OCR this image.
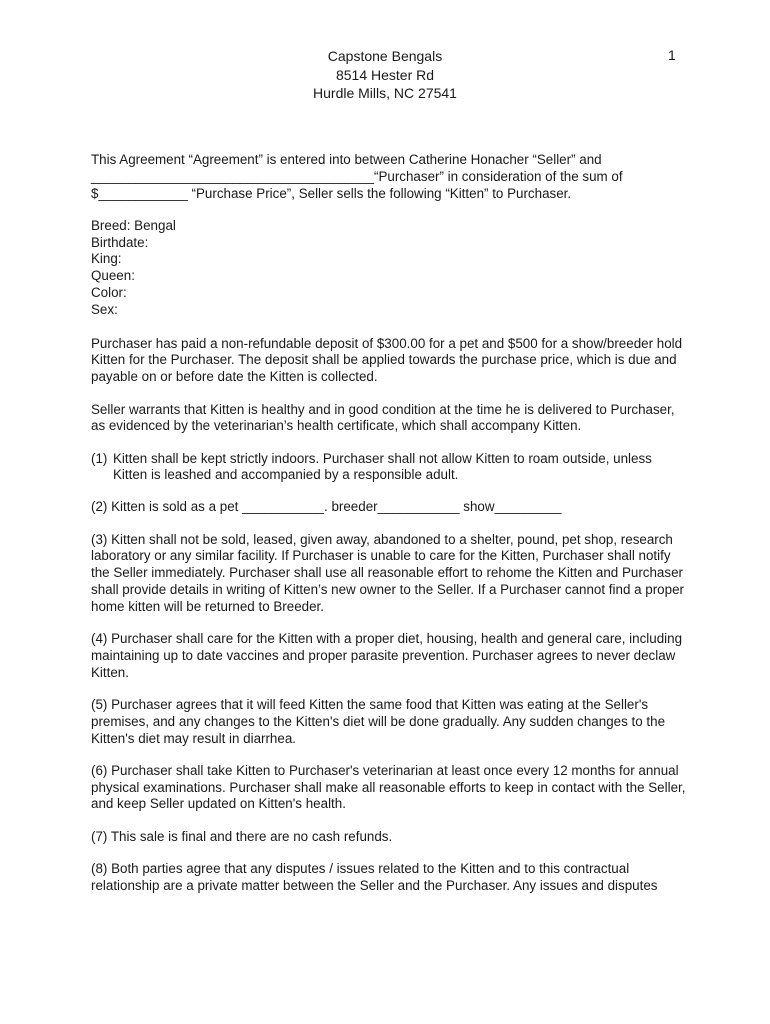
1
Capstone Bengals
8514 Hester Rd
Hurdle Mills, NC 27541

This Agreement “Agreement” is entered into between Catherine Honacher “Seller” and
______________________________________“Purchaser” in consideration of the sum of
$____________ “Purchase Price”, Seller sells the following “Kitten” to Purchaser.

Breed: Bengal
Birthdate:
King:
Queen:
Color:
Sex:

Purchaser has paid a non-refundable deposit of $300.00 for a pet and $500 for a show/breeder hold Kitten for the Purchaser. The deposit shall be applied towards the purchase price, which is due and payable on or before date the Kitten is collected.

Seller warrants that Kitten is healthy and in good condition at the time he is delivered to Purchaser, as evidenced by the veterinarian’s health certificate, which shall accompany Kitten.

(1) Kitten shall be kept strictly indoors. Purchaser shall not allow Kitten to roam outside, unless Kitten is leashed and accompanied by a responsible adult.

(2) Kitten is sold as a pet ___________. breeder___________ show_________

(3) Kitten shall not be sold, leased, given away, abandoned to a shelter, pound, pet shop, research laboratory or any similar facility. If Purchaser is unable to care for the Kitten, Purchaser shall notify the Seller immediately. Purchaser shall use all reasonable effort to rehome the Kitten and Purchaser shall provide details in writing of Kitten’s new owner to the Seller. If a Purchaser cannot find a proper home kitten will be returned to Breeder.

(4) Purchaser shall care for the Kitten with a proper diet, housing, health and general care, including maintaining up to date vaccines and proper parasite prevention. Purchaser agrees to never declaw Kitten.

(5) Purchaser agrees that it will feed Kitten the same food that Kitten was eating at the Seller's premises, and any changes to the Kitten's diet will be done gradually. Any sudden changes to the Kitten's diet may result in diarrhea.

(6) Purchaser shall take Kitten to Purchaser's veterinarian at least once every 12 months for annual physical examinations. Purchaser shall make all reasonable efforts to keep in contact with the Seller, and keep Seller updated on Kitten's health.

(7) This sale is final and there are no cash refunds.

(8) Both parties agree that any disputes / issues related to the Kitten and to this contractual relationship are a private matter between the Seller and the Purchaser. Any issues and disputes
